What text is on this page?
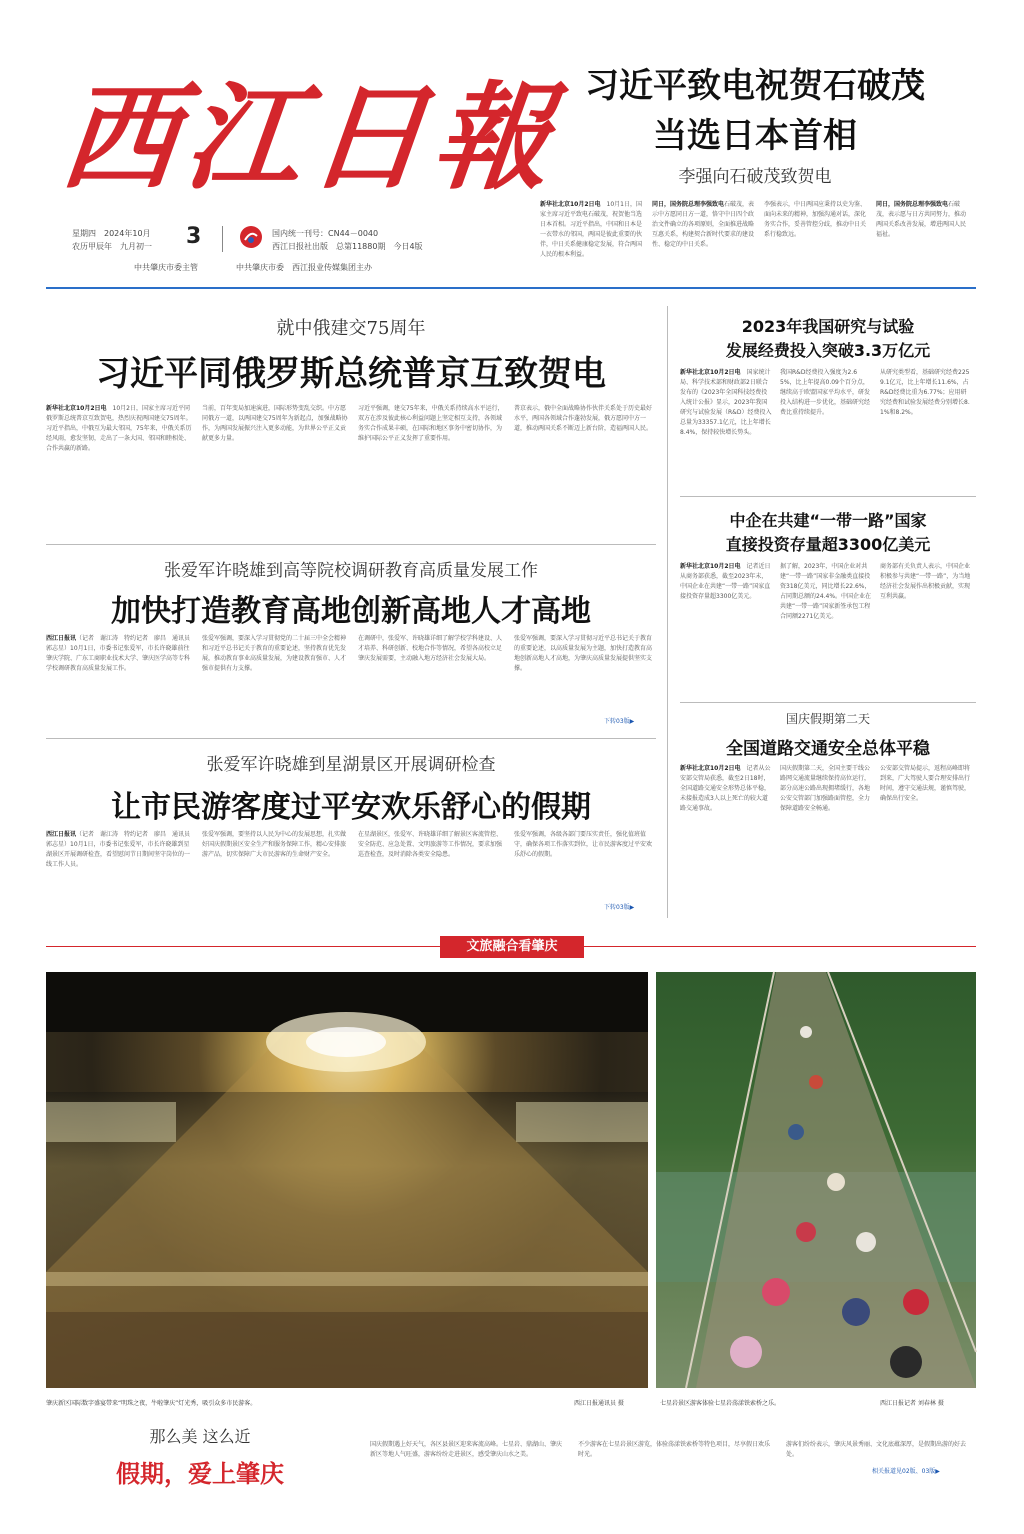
西江日報
星期四　2024年10月
农历甲辰年　九月初一	3	国内统一刊号：CN44－0040
西江日报社出版　总第11880期　今日4版
中共肇庆市委主管	中共肇庆市委　西江报业传媒集团主办
习近平致电祝贺石破茂
当选日本首相
李强向石破茂致贺电
新华社北京10月2日电　10月1日，国家主席习近平致电石破茂，祝贺他当选日本首相。习近平指出，中国和日本是一衣带水的邻国，两国是彼此重要的伙伴，中日关系健康稳定发展，符合两国人民的根本利益。
同日，国务院总理李强致电石破茂，表示中方愿同日方一道，恪守中日四个政治文件确立的各项原则，全面推进战略互惠关系，构建契合新时代要求的建设性、稳定的中日关系。
李强表示，中日两国应秉持以史为鉴、面向未来的精神，加强沟通对话，深化务实合作，妥善管控分歧，推动中日关系行稳致远。
同日，国务院总理李强致电石破茂，表示愿与日方共同努力，推动两国关系改善发展，增进两国人民福祉。
就中俄建交75周年
习近平同俄罗斯总统普京互致贺电
新华社北京10月2日电　10月2日，国家主席习近平同俄罗斯总统普京互致贺电，热烈庆祝两国建交75周年。习近平指出，中俄互为最大邻国，75年来，中俄关系历经风雨，愈发坚韧，走出了一条大国、邻国和睦相处、合作共赢的新路。
当前，百年变局加速演进，国际形势变乱交织。中方愿同俄方一道，以两国建交75周年为新起点，加强战略协作，为两国发展振兴注入更多动能，为世界公平正义贡献更多力量。
习近平强调，建交75年来，中俄关系持续高水平运行，双方在涉及彼此核心利益问题上坚定相互支持，各领域务实合作成果丰硕，在国际和地区事务中密切协作，为维护国际公平正义发挥了重要作用。
普京表示，俄中全面战略协作伙伴关系处于历史最好水平，两国各领域合作蓬勃发展，俄方愿同中方一道，推动两国关系不断迈上新台阶，造福两国人民。
张爱军许晓雄到高等院校调研教育高质量发展工作
加快打造教育高地创新高地人才高地
西江日报讯（记者　谢江涛　特约记者　廖昌　通讯员　郭志星）10月1日，市委书记张爱军，市长许晓雄前往肇庆学院、广东工商职业技术大学、肇庆医学高等专科学校调研教育高质量发展工作。
张爱军强调，要深入学习贯彻党的二十届三中全会精神和习近平总书记关于教育的重要论述，坚持教育优先发展，推动教育事业高质量发展，为建设教育强市、人才强市提供有力支撑。
在调研中，张爱军、许晓雄详细了解学校学科建设、人才培养、科研创新、校地合作等情况，希望各高校立足肇庆发展需要，主动融入地方经济社会发展大局。
张爱军强调，要深入学习贯彻习近平总书记关于教育的重要论述，以高质量发展为主题，加快打造教育高地创新高地人才高地，为肇庆高质量发展提供坚实支撑。
下转03版▶
张爱军许晓雄到星湖景区开展调研检查
让市民游客度过平安欢乐舒心的假期
西江日报讯（记者　谢江涛　特约记者　廖昌　通讯员　郭志星）10月1日，市委书记张爱军，市长许晓雄到星湖景区开展调研检查，看望慰问节日期间坚守岗位的一线工作人员。
张爱军强调，要坚持以人民为中心的发展思想，扎实做好国庆假期景区安全生产和服务保障工作，精心安排旅游产品，切实保障广大市民游客的生命财产安全。
在星湖景区，张爱军、许晓雄详细了解景区客流管控、安全防范、应急处置、文明旅游等工作情况，要求加强巡查检查，及时消除各类安全隐患。
张爱军强调，各级各部门要压实责任，强化值班值守，确保各项工作落实到位，让市民游客度过平安欢乐舒心的假期。
下转03版▶
2023年我国研究与试验
发展经费投入突破3.3万亿元
新华社北京10月2日电　国家统计局、科学技术部和财政部2日联合发布的《2023年全国科技经费投入统计公报》显示，2023年我国研究与试验发展（R&D）经费投入总量为33357.1亿元，比上年增长8.4%，保持较快增长势头。
我国R&D经费投入强度为2.65%，比上年提高0.09个百分点，继续高于欧盟国家平均水平，研发投入结构进一步优化，基础研究经费比重持续提升。
从研究类型看，基础研究经费2259.1亿元，比上年增长11.6%，占R&D经费比重为6.77%；应用研究经费和试验发展经费分别增长8.1%和8.2%。
中企在共建“一带一路”国家
直接投资存量超3300亿美元
新华社北京10月2日电　记者近日从商务部获悉，截至2023年末，中国企业在共建“一带一路”国家直接投资存量超3300亿美元。
据了解，2023年，中国企业对共建“一带一路”国家非金融类直接投资318亿美元，同比增长22.6%，占同期总额的24.4%。中国企业在共建“一带一路”国家新签承包工程合同额2271亿美元。
商务部有关负责人表示，中国企业积极参与共建“一带一路”，为当地经济社会发展作出积极贡献，实现互利共赢。
国庆假期第二天
全国道路交通安全总体平稳
新华社北京10月2日电　记者从公安部交管局获悉，截至2日18时，全国道路交通安全形势总体平稳，未接报造成3人以上死亡的较大道路交通事故。
国庆假期第二天，全国主要干线公路网交通流量继续保持高位运行，部分高速公路出现拥堵缓行，各地公安交管部门加强路面管控，全力保障道路安全畅通。
公安部交管局提示，返程高峰即将到来，广大驾驶人要合理安排出行时间，遵守交通法规，谨慎驾驶，确保出行安全。
文旅融合看肇庆
肇庆新区国际数字盛宴带来“明珠之夜，牛啦肇庆”灯光秀，吸引众多市民游客。	西江日报通讯员 摄	七星岩景区游客体验七星岩荡漾铁索桥之乐。	西江日报记者 刘春林 摄
那么美 这么近
假期，爱上肇庆
国庆假期遇上好天气，各区县景区迎来客流高峰。七星岩、鼎湖山、肇庆新区等地人气旺盛，游客纷纷走进景区，感受肇庆山水之美。
不少游客在七星岩景区游览，体验荡漾铁索桥等特色项目，尽享假日欢乐时光。
游客们纷纷表示，肇庆风景秀丽、文化底蕴深厚，是假期出游的好去处。
相关报道见02版、03版▶
